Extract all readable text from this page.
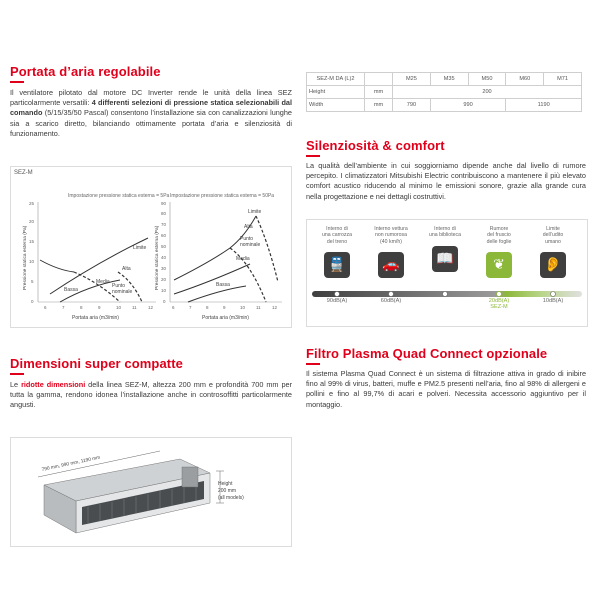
Portata d’aria regolabile
Il ventilatore pilotato dal motore DC Inverter rende le unità della linea SEZ particolarmente versatili: 4 differenti selezioni di pressione statica selezionabili dal comando (5/15/35/50 Pascal) consentono l’installazione sia con canalizzazioni lunghe sia a scarico diretto, bilanciando ottimamente portata d’aria e silenziosità di funzionamento.
SEZ-M
Impostazione pressione statica esterna = 5Pa
Limite
Alta
Media
Bassa
Punto
nominale
6	7	8	9	10 11	12
0
5
10
15
20
25
Portata aria (m3/min)
Pressione statica esterna (Pa)
Impostazione pressione statica esterna = 50Pa
Limite
Alta
Punto
nominale
Media
Bassa
6	7	8	9	10 11	12
0
10
20
30
40
50
60
70
80
90
Portata aria (m3/min)
Pressione statica esterna (Pa)
Dimensioni super compatte
Le ridotte dimensioni della linea SEZ-M, altezza 200 mm e profondità 700 mm per tutta la gamma, rendono idonea l’installazione anche in controsoffitti particolarmente angusti.
790 mm, 990 mm, 1190 mm
Height
200 mm
(all models)
SEZ-M DA (L)2		M25	M35	M50	M60	M71
Height	mm	200				
Width	mm	790	990		1190	
Silenziosità & comfort
La qualità dell’ambiente in cui soggiorniamo dipende anche dal livello di rumore percepito. I climatizzatori Mitsubishi Electric contribuiscono a mantenere il più elevato comfort acustico riducendo al minimo le emissioni sonore, grazie alla grande cura nella progettazione e nei dettagli costruttivi.
Interno di
una carrozza
del treno
🚆
90dB(A)
Interno vettura
non rumorosa
(40 km/h)
🚗
60dB(A)
Interno di
una biblioteca
📖
Rumore
del fruscio
delle foglie
❦
20dB(A)
SEZ-M
Limite
dell’udito
umano
👂
10dB(A)
Filtro Plasma Quad Connect opzionale
Il sistema Plasma Quad Connect è un sistema di filtrazione attiva in grado di inibire fino al 99% di virus, batteri, muffe e PM2.5 presenti nell’aria, fino al 98% di allergeni e pollini e fino al 99,7% di acari e polveri. Necessita accessorio aggiuntivo per il montaggio.
